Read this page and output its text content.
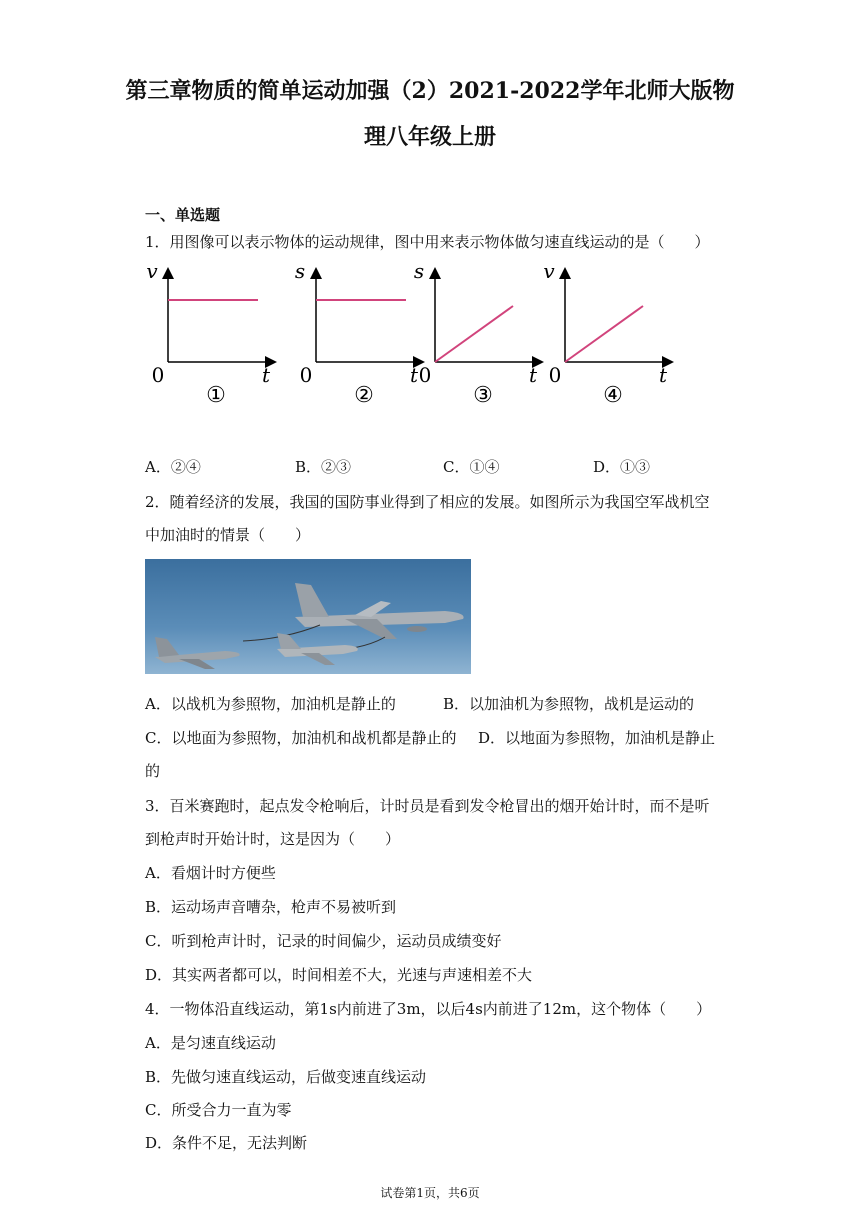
第三章物质的简单运动加强（2）2021-2022学年北师大版物
理八年级上册
一、单选题
1．用图像可以表示物体的运动规律，图中用来表示物体做匀速直线运动的是（　　）
v
t
0
①
s
t
0
②
s
t
0
③
v
t
0
④
A．②④	B．②③	C．①④	D．①③
2．随着经济的发展，我国的国防事业得到了相应的发展。如图所示为我国空军战机空
中加油时的情景（　　）
A．以战机为参照物，加油机是静止的	B．以加油机为参照物，战机是运动的
C．以地面为参照物，加油机和战机都是静止的 D．以地面为参照物，加油机是静止
的
3．百米赛跑时，起点发令枪响后，计时员是看到发令枪冒出的烟开始计时，而不是听
到枪声时开始计时，这是因为（　　）
A．看烟计时方便些
B．运动场声音嘈杂，枪声不易被听到
C．听到枪声计时，记录的时间偏少，运动员成绩变好
D．其实两者都可以，时间相差不大，光速与声速相差不大
4．一物体沿直线运动，第1s内前进了3m，以后4s内前进了12m，这个物体（　　）
A．是匀速直线运动
B．先做匀速直线运动，后做变速直线运动
C．所受合力一直为零
D．条件不足，无法判断
试卷第1页，共6页
